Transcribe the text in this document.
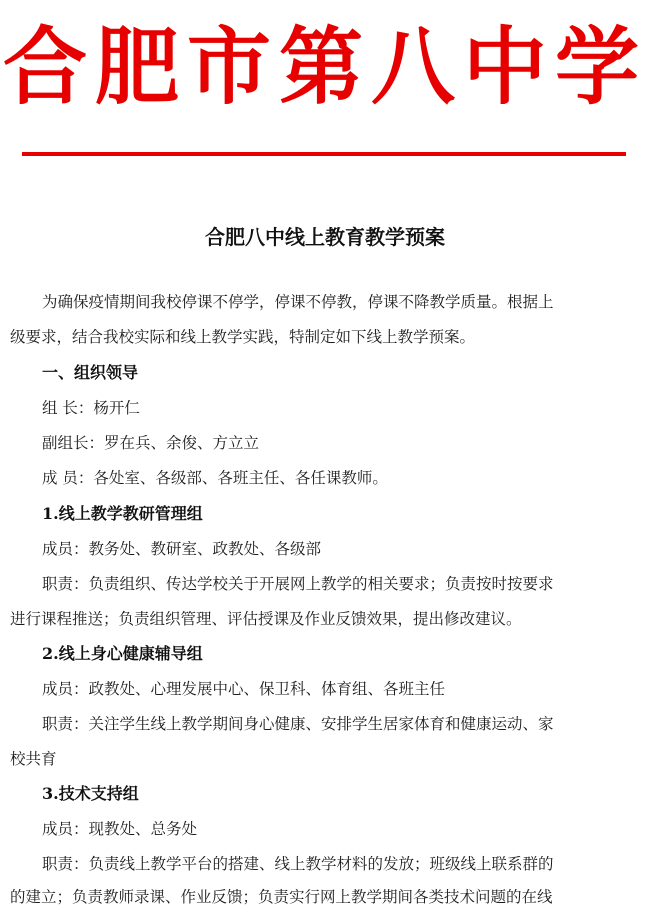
合肥市第八中学
合肥八中线上教育教学预案
为确保疫情期间我校停课不停学，停课不停教，停课不降教学质量。根据上
级要求，结合我校实际和线上教学实践，特制定如下线上教学预案。
一、组织领导
组 长：杨开仁
副组长：罗在兵、余俊、方立立
成 员：各处室、各级部、各班主任、各任课教师。
1.线上教学教研管理组
成员：教务处、教研室、政教处、各级部
职责：负责组织、传达学校关于开展网上教学的相关要求；负责按时按要求
进行课程推送；负责组织管理、评估授课及作业反馈效果，提出修改建议。
2.线上身心健康辅导组
成员：政教处、心理发展中心、保卫科、体育组、各班主任
职责：关注学生线上教学期间身心健康、安排学生居家体育和健康运动、家
校共育
3.技术支持组
成员：现教处、总务处
职责：负责线上教学平台的搭建、线上教学材料的发放；班级线上联系群的
的建立；负责教师录课、作业反馈；负责实行网上教学期间各类技术问题的在线
